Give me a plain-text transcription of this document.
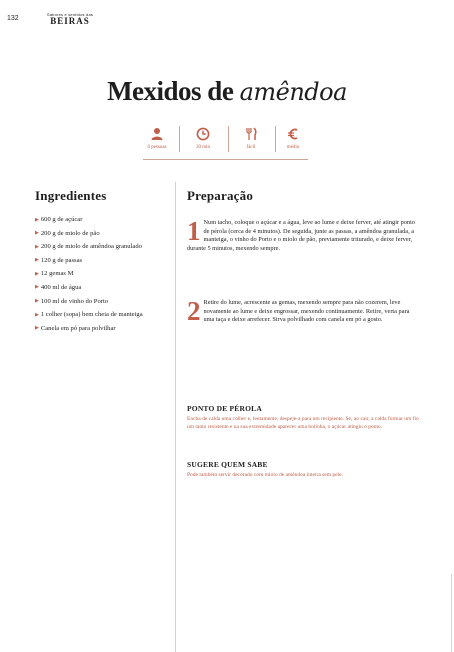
132
Sabores e sentidos das
BEIRAS
Mexidos de amêndoa
6 pessoas	30 min	fácil	médio
Ingredientes
▶ 600 g de açúcar
▶ 200 g de miolo de pão
▶ 200 g de miolo de amêndoa granulado
▶ 120 g de passas
▶ 12 gemas M
▶ 400 ml de água
▶ 100 ml de vinho do Porto
▶ 1 colher (sopa) bem cheia de manteiga
▶ Canela em pó para polvilhar
Preparação
1 Num tacho, coloque o açúcar e a água, leve ao lume e deixe ferver, até atingir ponto de pérola (cerca de 4 minutos). De seguida, junte as passas, a amêndoa granulada, a manteiga, o vinho do Porto e o miolo de pão, previamente triturado, e deixe ferver, durante 5 minutos, mexendo sempre.
2 Retire do lume, acrescente as gemas, mexendo sempre para não cozerem, leve novamente ao lume e deixe engrossar, mexendo continuamente. Retire, verta para uma taça e deixe arrefecer. Sirva polvilhado com canela em pó a gosto.
PONTO DE PÉROLA
Encha de calda uma colher e, lentamente, despeje-a para um recipiente. Se, ao cair, a calda formar um fio um tanto resistente e na sua extremidade aparecer uma bolinha, o açúcar atingiu o ponto.
SUGERE QUEM SABE
Pode também servir decorado com miolo de amêndoa inteira sem pele.
